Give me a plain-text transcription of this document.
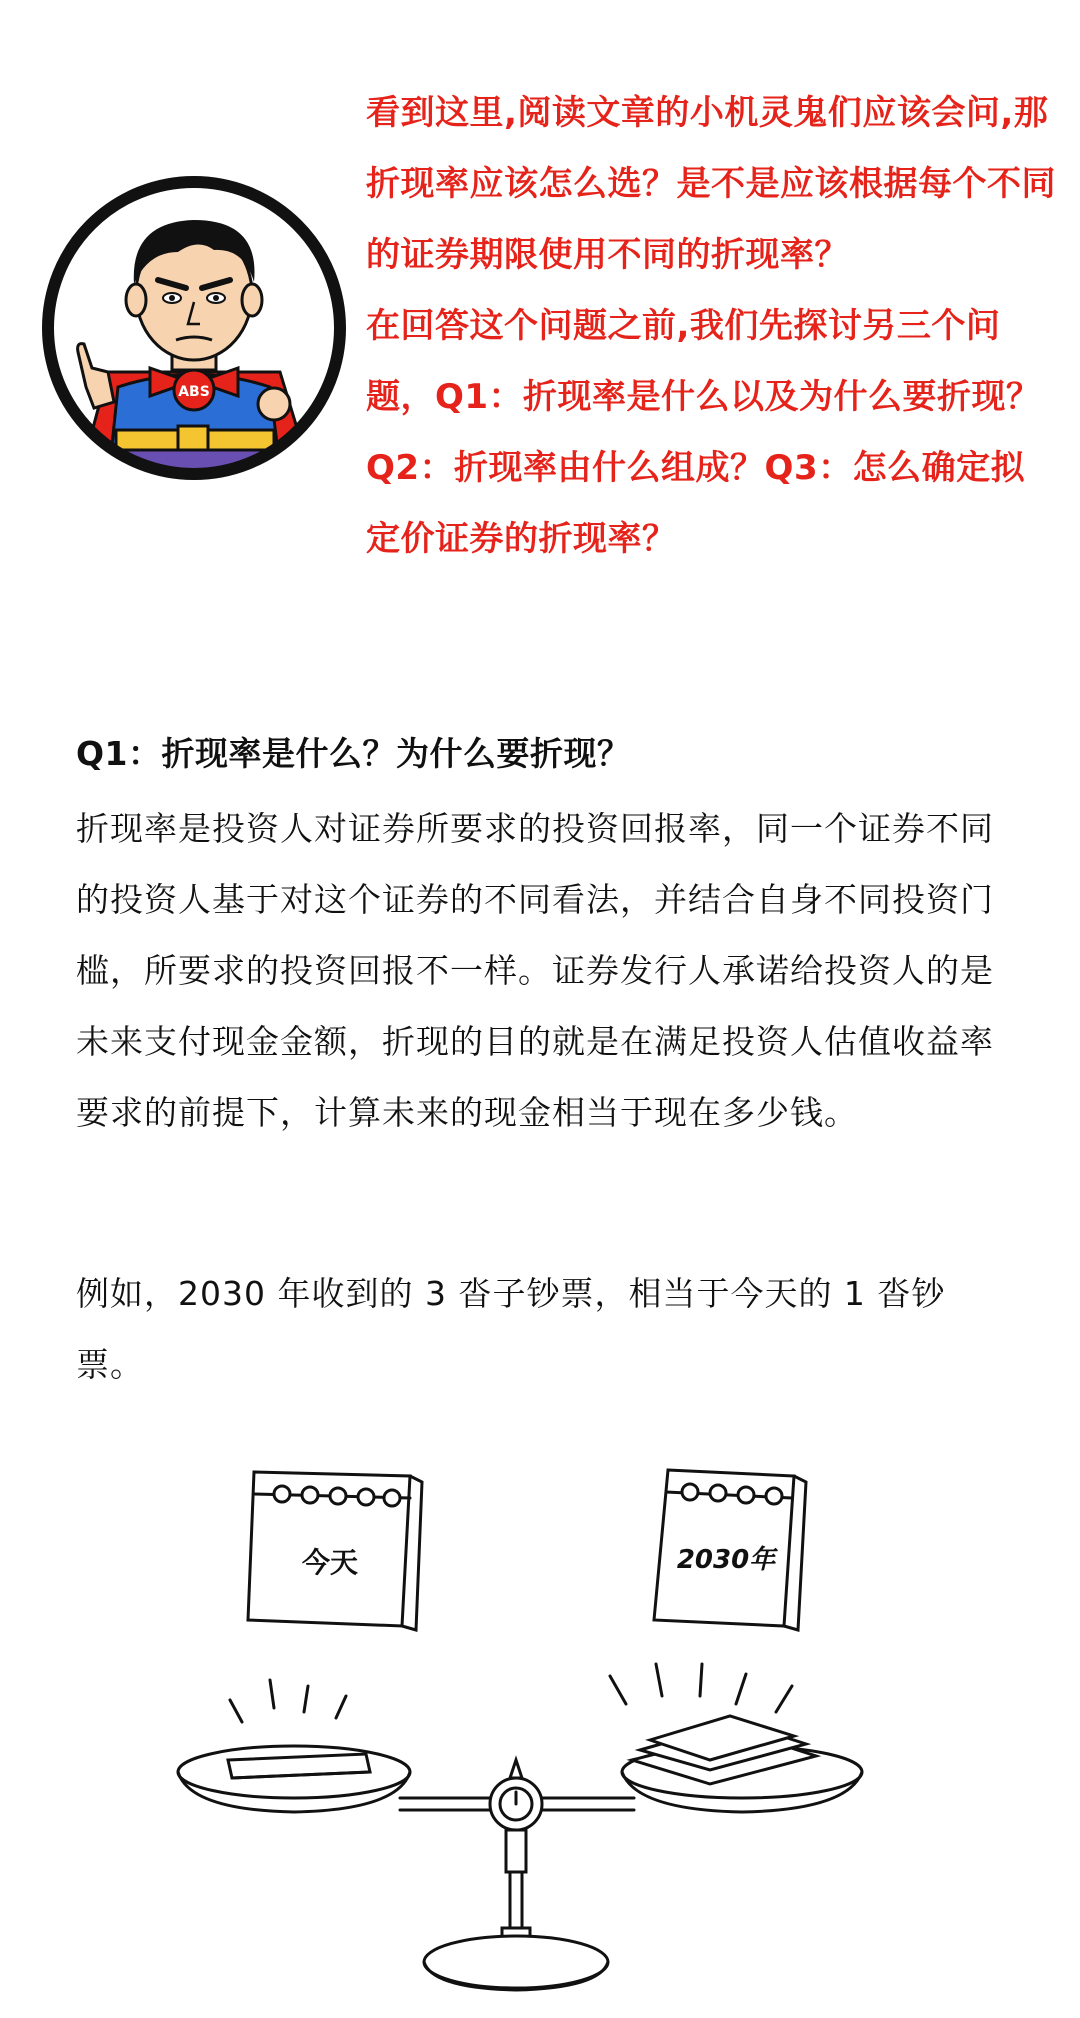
ABS

看到这里,阅读文章的小机灵鬼们应该会问,那折现率应该怎么选？是不是应该根据每个不同的证券期限使用不同的折现率？

在回答这个问题之前,我们先探讨另三个问题，Q1：折现率是什么以及为什么要折现？Q2：折现率由什么组成？Q3：怎么确定拟定价证券的折现率？

Q1：折现率是什么？为什么要折现？

折现率是投资人对证券所要求的投资回报率，同一个证券不同的投资人基于对这个证券的不同看法，并结合自身不同投资门槛，所要求的投资回报不一样。证券发行人承诺给投资人的是未来支付现金金额，折现的目的就是在满足投资人估值收益率要求的前提下，计算未来的现金相当于现在多少钱。

例如，2030 年收到的 3 沓子钞票，相当于今天的 1 沓钞票。

今天	2030年
